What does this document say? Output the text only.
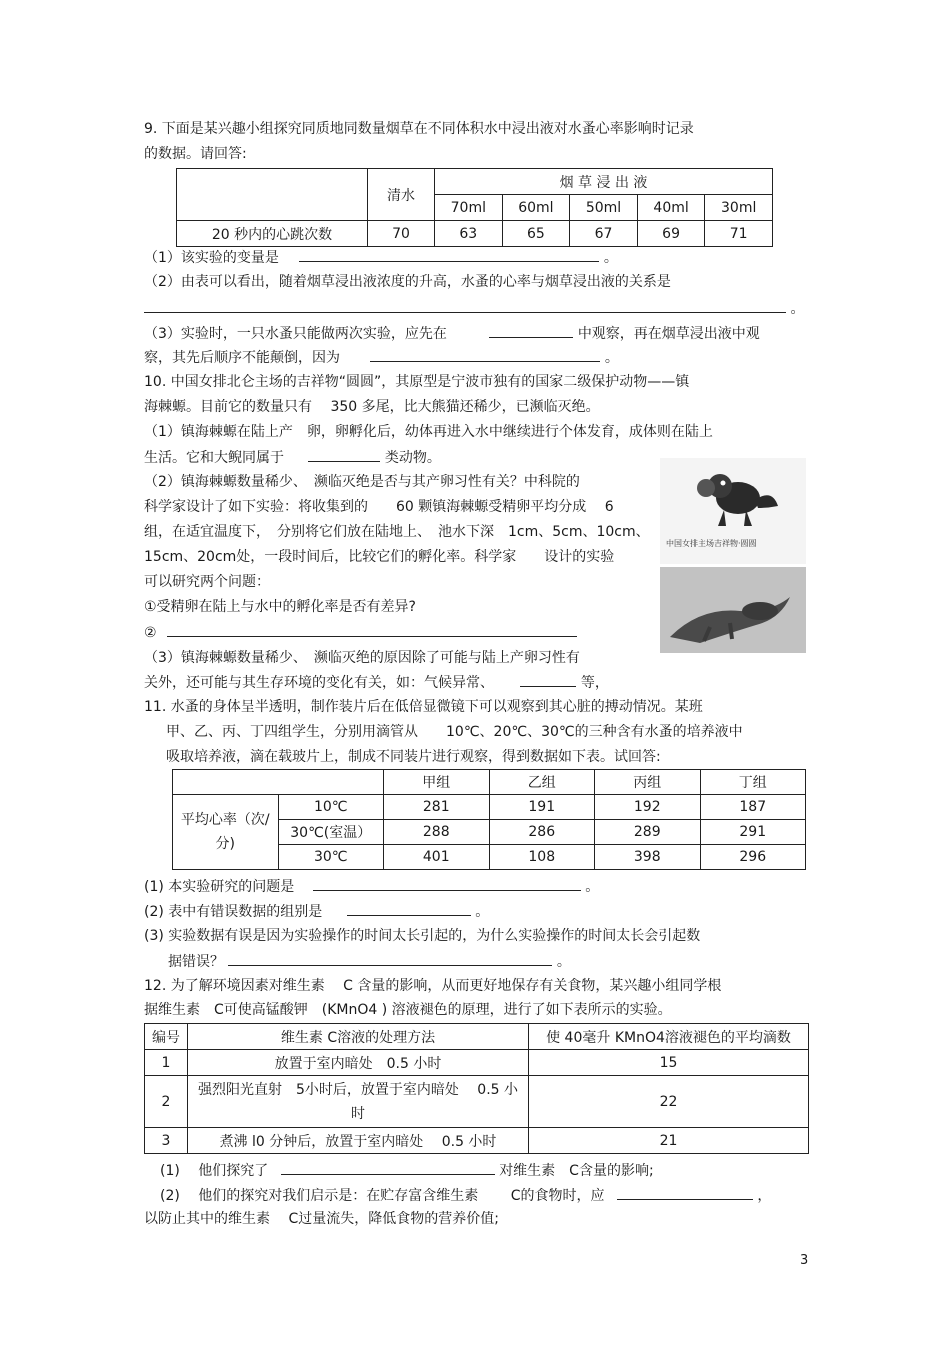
9. 下面是某兴趣小组探究同质地同数量烟草在不同体积水中浸出液对水蚤心率影响时记录
的数据。请回答:
	清水	烟 草 浸 出 液				
		70ml	60ml	50ml	40ml	30ml
20 秒内的心跳次数	70	63	65	67	69	71
（1）该实验的变量是	。
（2）由表可以看出，随着烟草浸出液浓度的升高，水蚤的心率与烟草浸出液的关系是
。
（3）实验时，一只水蚤只能做两次实验，应先在	中观察，再在烟草浸出液中观
察，其先后顺序不能颠倒，因为	。
10. 中国女排北仑主场的吉祥物“圆圆”，其原型是宁波市独有的国家二级保护动物——镇
海棘螈。目前它的数量只有　 350 多尾，比大熊猫还稀少，已濒临灭绝。
（1）镇海棘螈在陆上产　卵，卵孵化后，幼体再进入水中继续进行个体发育，成体则在陆上
生活。它和大鲵同属于	类动物。
（2）镇海棘螈数量稀少、　濒临灭绝是否与其产卵习性有关？中科院的
科学家设计了如下实验：将收集到的　　60 颗镇海棘螈受精卵平均分成　 6
组，在适宜温度下，　分别将它们放在陆地上、　池水下深　1cm、5cm、10cm、
15cm、20cm处，一段时间后，比较它们的孵化率。科学家　　设计的实验
可以研究两个问题：
①受精卵在陆上与水中的孵化率是否有差异?
②
（3）镇海棘螈数量稀少、　濒临灭绝的原因除了可能与陆上产卵习性有
关外，还可能与其生存环境的变化有关，如：气候异常、	等，
中国女排主场吉祥物·圆圆
11. 水蚤的身体呈半透明，制作装片后在低倍显微镜下可以观察到其心脏的搏动情况。某班
甲、乙、丙、丁四组学生，分别用滴管从　　10℃、20℃、30℃的三种含有水蚤的培养液中
吸取培养液，滴在载玻片上，制成不同装片进行观察，得到数据如下表。试回答:
		甲组	乙组	丙组	丁组
平均心率（次/分)	10℃	281	191	192	187
	30℃(室温）	288	286	289	291
	30℃	401	108	398	296
(1) 本实验研究的问题是	。
(2) 表中有错误数据的组别是	。
(3) 实验数据有误是因为实验操作的时间太长引起的，为什么实验操作的时间太长会引起数
据错误？	。
12. 为了解环境因素对维生素　 C 含量的影响，从而更好地保存有关食物，某兴趣小组同学根
据维生素　C可使高锰酸钾　(KMnO4 ) 溶液褪色的原理，进行了如下表所示的实验。
编号	维生素 C溶液的处理方法	使 40毫升 KMnO4溶液褪色的平均滴数
1	放置于室内暗处　0.5 小时	15
2	强烈阳光直射　5小时后，放置于室内暗处　 0.5 小时	22
3	煮沸 l0 分钟后，放置于室内暗处　 0.5 小时	21
(1)　 他们探究了	对维生素　C含量的影响;
(2)　 他们的探究对我们启示是：在贮存富含维生素　　 C的食物时，应	，
以防止其中的维生素　 C过量流失，降低食物的营养价值;
3
